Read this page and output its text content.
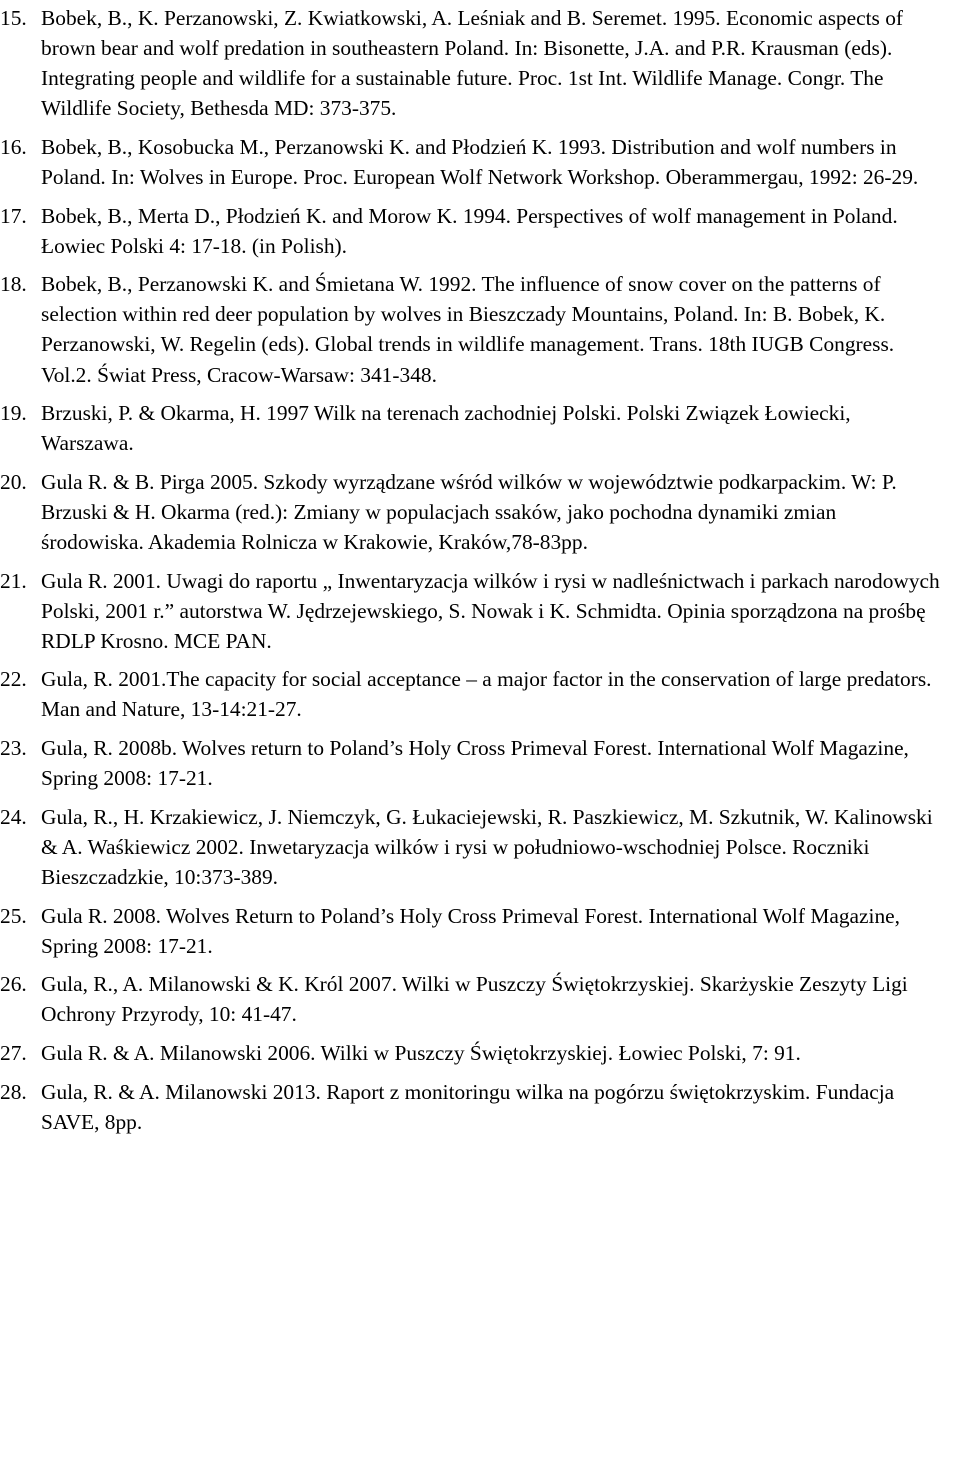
15. Bobek, B., K. Perzanowski, Z. Kwiatkowski, A. Leśniak and B. Seremet. 1995. Economic aspects of brown bear and wolf predation in southeastern Poland. In: Bisonette, J.A. and P.R. Krausman (eds). Integrating people and wildlife for a sustainable future. Proc. 1st Int. Wildlife Manage. Congr. The Wildlife Society, Bethesda MD: 373-375.
16. Bobek, B., Kosobucka M., Perzanowski K. and Płodzień K. 1993. Distribution and wolf numbers in Poland. In: Wolves in Europe. Proc. European Wolf Network Workshop. Oberammergau, 1992: 26-29.
17. Bobek, B., Merta D., Płodzień K. and Morow K. 1994. Perspectives of wolf management in Poland. Łowiec Polski 4: 17-18. (in Polish).
18. Bobek, B., Perzanowski K. and Śmietana W. 1992. The influence of snow cover on the patterns of selection within red deer population by wolves in Bieszczady Mountains, Poland. In: B. Bobek, K. Perzanowski, W. Regelin (eds). Global trends in wildlife management. Trans. 18th IUGB Congress. Vol.2. Świat Press, Cracow-Warsaw: 341-348.
19. Brzuski, P. & Okarma, H. 1997 Wilk na terenach zachodniej Polski. Polski Związek Łowiecki, Warszawa.
20. Gula R. & B. Pirga 2005. Szkody wyrządzane wśród wilków w województwie podkarpackim. W: P. Brzuski & H. Okarma (red.): Zmiany w populacjach ssaków, jako pochodna dynamiki zmian środowiska. Akademia Rolnicza w Krakowie, Kraków,78-83pp.
21. Gula R. 2001. Uwagi do raportu „ Inwentaryzacja wilków i rysi w nadleśnictwach i parkach narodowych Polski, 2001 r.” autorstwa W. Jędrzejewskiego, S. Nowak i K. Schmidta. Opinia sporządzona na prośbę RDLP Krosno. MCE PAN.
22. Gula, R. 2001.The capacity for social acceptance – a major factor in the conservation of large predators. Man and Nature, 13-14:21-27.
23. Gula, R. 2008b. Wolves return to Poland’s Holy Cross Primeval Forest. International Wolf Magazine, Spring 2008: 17-21.
24. Gula, R., H. Krzakiewicz, J. Niemczyk, G. Łukaciejewski, R. Paszkiewicz, M. Szkutnik, W. Kalinowski & A. Waśkiewicz 2002. Inwetaryzacja wilków i rysi w południowo-wschodniej Polsce. Roczniki Bieszczadzkie, 10:373-389.
25. Gula R. 2008. Wolves Return to Poland’s Holy Cross Primeval Forest. International Wolf Magazine, Spring 2008: 17-21.
26. Gula, R., A. Milanowski & K. Król 2007. Wilki w Puszczy Świętokrzyskiej. Skarżyskie Zeszyty Ligi Ochrony Przyrody, 10: 41-47.
27. Gula R. & A. Milanowski 2006. Wilki w Puszczy Świętokrzyskiej. Łowiec Polski, 7: 91.
28. Gula, R. & A. Milanowski 2013. Raport z monitoringu wilka na pogórzu świętokrzyskim. Fundacja SAVE, 8pp.
